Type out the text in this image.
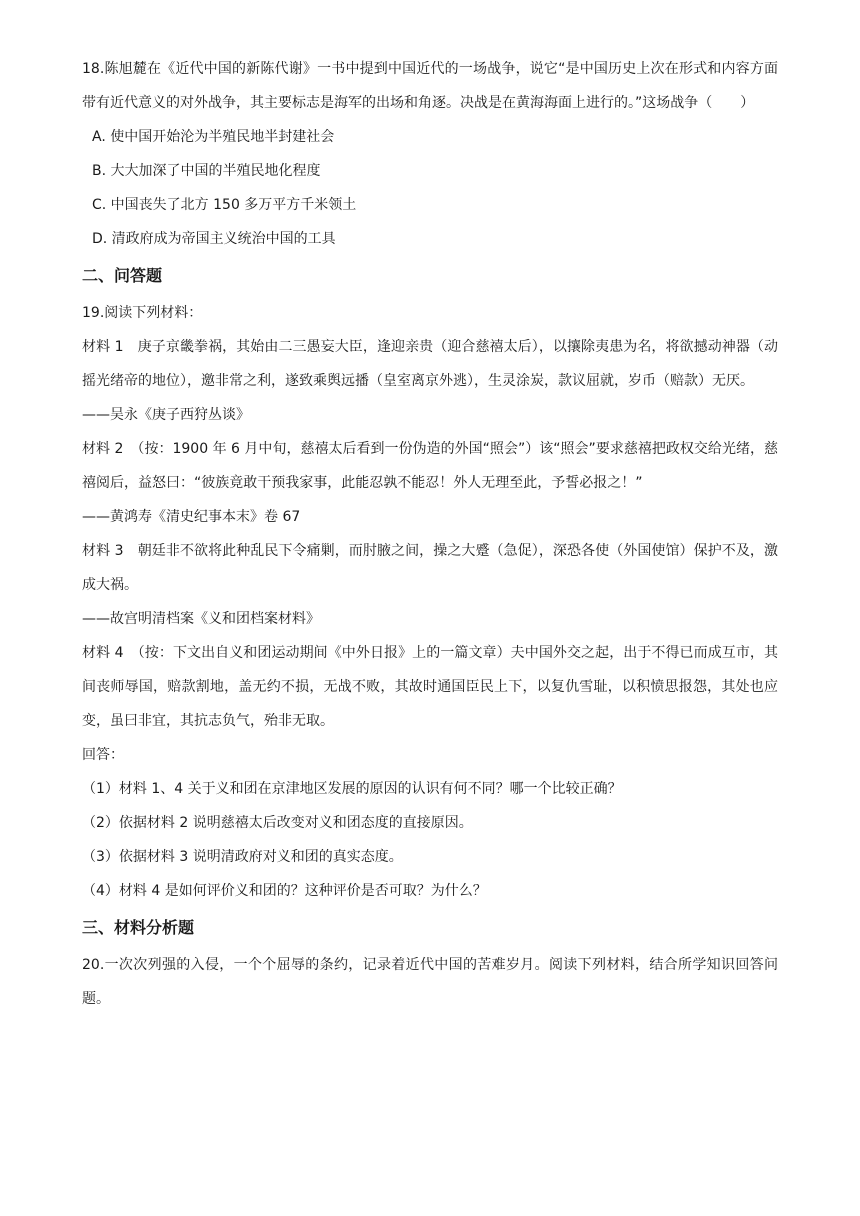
18.陈旭麓在《近代中国的新陈代谢》一书中提到中国近代的一场战争，说它“是中国历史上次在形式和内容方面带有近代意义的对外战争，其主要标志是海军的出场和角逐。决战是在黄海海面上进行的。”这场战争（　　）

A. 使中国开始沦为半殖民地半封建社会

B. 大大加深了中国的半殖民地化程度

C. 中国丧失了北方 150 多万平方千米领土

D. 清政府成为帝国主义统治中国的工具

二、问答题

19.阅读下列材料：

材料 1　庚子京畿拳祸，其始由二三愚妄大臣，逢迎亲贵（迎合慈禧太后），以攘除夷患为名，将欲撼动神器（动摇光绪帝的地位），邀非常之利，遂致乘舆远播（皇室离京外逃），生灵涂炭，款议屈就，岁币（赔款）无厌。

——吴永《庚子西狩丛谈》

材料 2　（按：1900 年 6 月中旬，慈禧太后看到一份伪造的外国“照会”）该“照会”要求慈禧把政权交给光绪，慈禧阅后，益怒曰：“彼族竟敢干预我家事，此能忍孰不能忍！外人无理至此，予誓必报之！”

——黄鸿寿《清史纪事本末》卷 67

材料 3　朝廷非不欲将此种乱民下令痛剿，而肘腋之间，操之大蹙（急促），深恐各使（外国使馆）保护不及，激成大祸。

——故宫明清档案《义和团档案材料》

材料 4　（按：下文出自义和团运动期间《中外日报》上的一篇文章）夫中国外交之起，出于不得已而成互市，其间丧师辱国，赔款割地，盖无约不损，无战不败，其故时通国臣民上下，以复仇雪耻，以积愤思报怨，其处也应变，虽曰非宜，其抗志负气，殆非无取。

回答：

（1）材料 1、4 关于义和团在京津地区发展的原因的认识有何不同？哪一个比较正确？

（2）依据材料 2 说明慈禧太后改变对义和团态度的直接原因。

（3）依据材料 3 说明清政府对义和团的真实态度。

（4）材料 4 是如何评价义和团的？这种评价是否可取？为什么？

三、材料分析题

20.一次次列强的入侵，一个个屈辱的条约，记录着近代中国的苦难岁月。阅读下列材料，结合所学知识回答问题。
